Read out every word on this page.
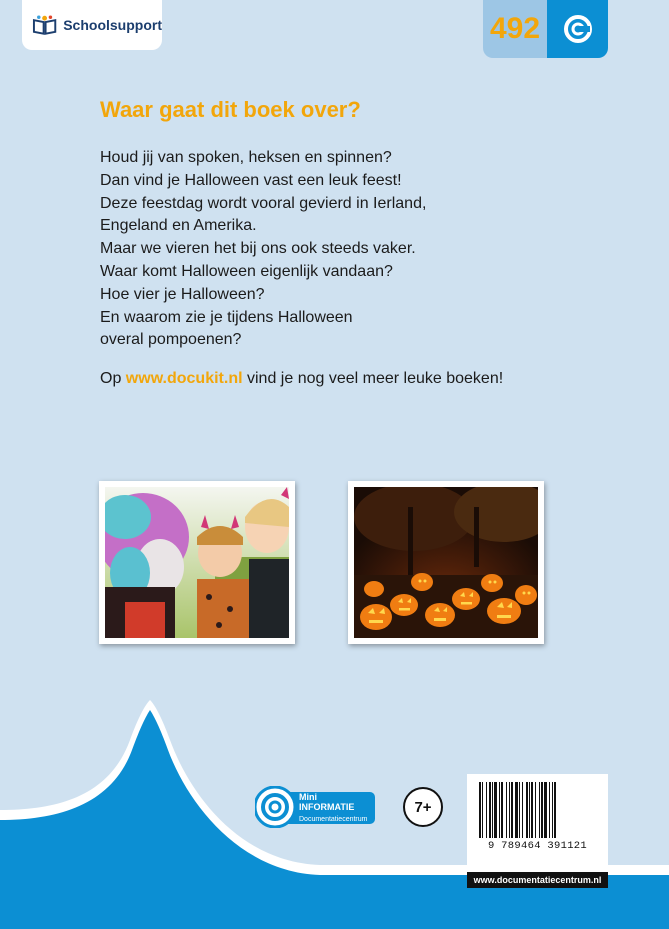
Schoolsupport	492
Waar gaat dit boek over?
Houd jij van spoken, heksen en spinnen?
Dan vind je Halloween vast een leuk feest!
Deze feestdag wordt vooral gevierd in Ierland,
Engeland en Amerika.
Maar we vieren het bij ons ook steeds vaker.
Waar komt Halloween eigenlijk vandaan?
Hoe vier je Halloween?
En waarom zie je tijdens Halloween
overal pompoenen?
Op www.docukit.nl vind je nog veel meer leuke boeken!
Mini
INFORMATIE
Documentatiecentrum
7+
9 789464 391121
www.documentatiecentrum.nl
